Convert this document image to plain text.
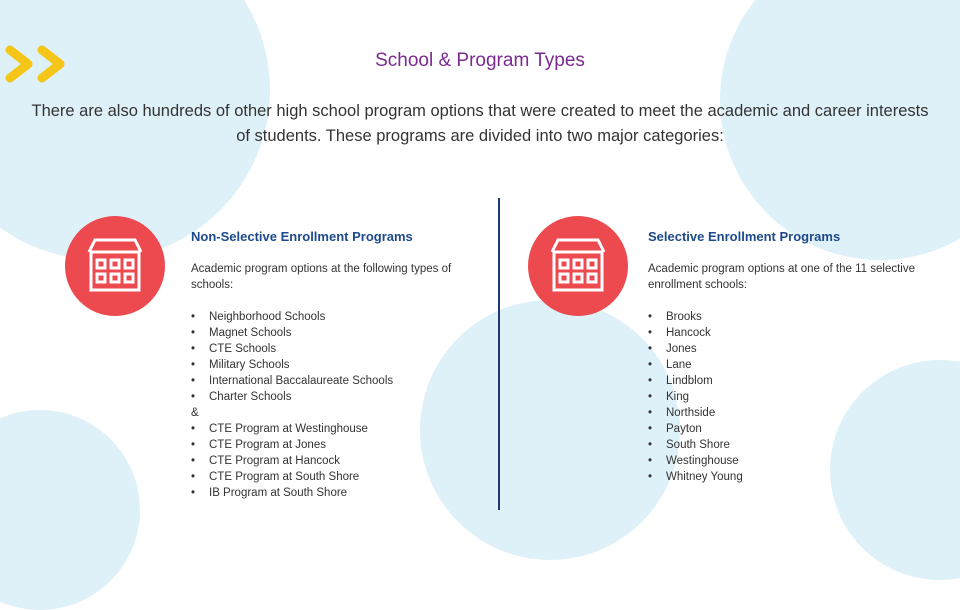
School & Program Types

There are also hundreds of other high school program options that were created to meet the academic and career interests of students. These programs are divided into two major categories:

Non-Selective Enrollment Programs

Academic program options at the following types of schools:

• Neighborhood Schools
• Magnet Schools
• CTE Schools
• Military Schools
• International Baccalaureate Schools
• Charter Schools
&
• CTE Program at Westinghouse
• CTE Program at Jones
• CTE Program at Hancock
• CTE Program at South Shore
• IB Program at South Shore
Selective Enrollment Programs

Academic program options at one of the 11 selective enrollment schools:

• Brooks
• Hancock
• Jones
• Lane
• Lindblom
• King
• Northside
• Payton
• South Shore
• Westinghouse
• Whitney Young
